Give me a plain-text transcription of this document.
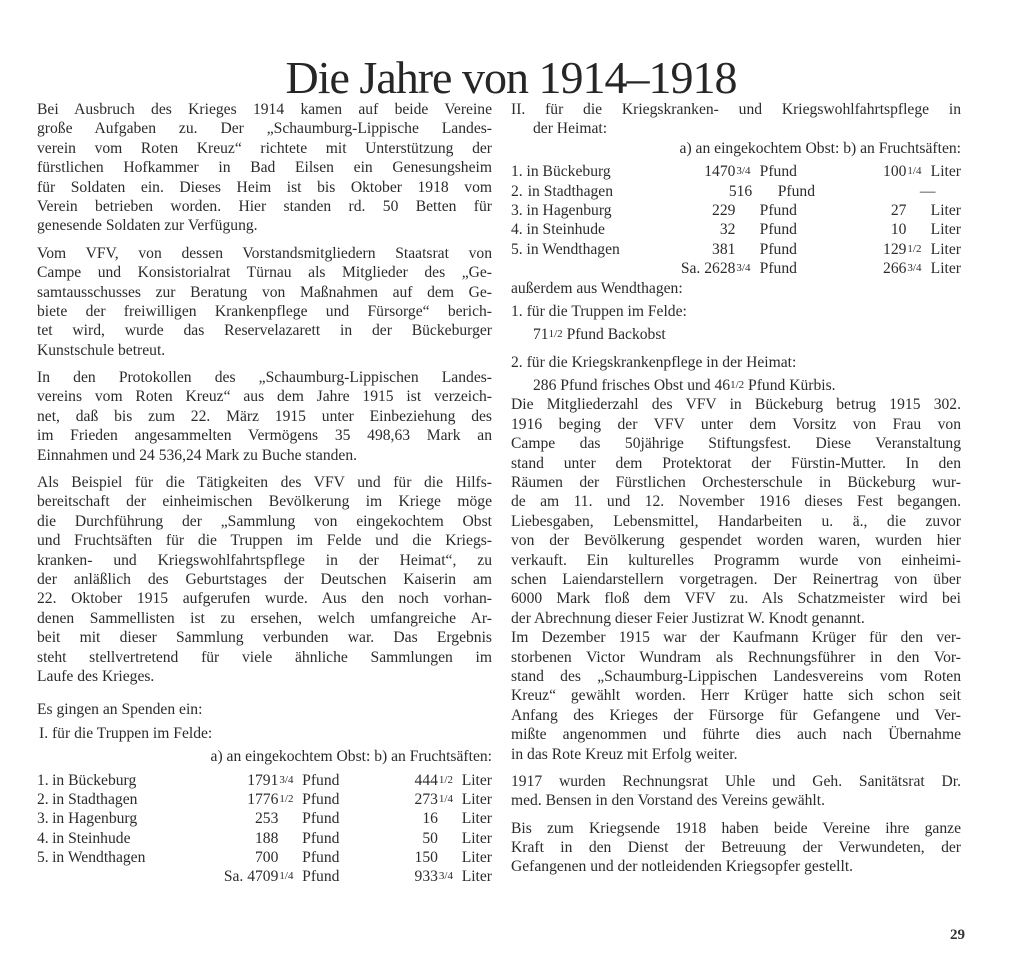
Die Jahre von 1914–1918
Bei Ausbruch des Krieges 1914 kamen auf beide Vereine
große Aufgaben zu. Der „Schaumburg-Lippische Landes-
verein vom Roten Kreuz“ richtete mit Unterstützung der
fürstlichen Hofkammer in Bad Eilsen ein Genesungsheim
für Soldaten ein. Dieses Heim ist bis Oktober 1918 vom
Verein betrieben worden. Hier standen rd. 50 Betten für
genesende Soldaten zur Verfügung.
Vom VFV, von dessen Vorstandsmitgliedern Staatsrat von
Campe und Konsistorialrat Türnau als Mitglieder des „Ge-
samtausschusses zur Beratung von Maßnahmen auf dem Ge-
biete der freiwilligen Krankenpflege und Fürsorge“ berich-
tet wird, wurde das Reservelazarett in der Bückeburger
Kunstschule betreut.
In den Protokollen des „Schaumburg-Lippischen Landes-
vereins vom Roten Kreuz“ aus dem Jahre 1915 ist verzeich-
net, daß bis zum 22. März 1915 unter Einbeziehung des
im Frieden angesammelten Vermögens 35 498,63 Mark an
Einnahmen und 24 536,24 Mark zu Buche standen.
Als Beispiel für die Tätigkeiten des VFV und für die Hilfs-
bereitschaft der einheimischen Bevölkerung im Kriege möge
die Durchführung der „Sammlung von eingekochtem Obst
und Fruchtsäften für die Truppen im Felde und die Kriegs-
kranken- und Kriegswohlfahrtspflege in der Heimat“, zu
der anläßlich des Geburtstages der Deutschen Kaiserin am
22. Oktober 1915 aufgerufen wurde. Aus den noch vorhan-
denen Sammellisten ist zu ersehen, welch umfangreiche Ar-
beit mit dieser Sammlung verbunden war. Das Ergebnis
steht stellvertretend für viele ähnliche Sammlungen im
Laufe des Krieges.
Es gingen an Spenden ein:
I. für die Truppen im Felde:
a) an eingekochtem Obst: b) an Fruchtsäften:
1. in Bückeburg	1791 3/4 Pfund	444 1/2 Liter
2. in Stadthagen	1776 1/2 Pfund	273 1/4 Liter
3. in Hagenburg	253	Pfund	16	Liter
4. in Steinhude	188	Pfund	50	Liter
5. in Wendthagen	700	Pfund	150	Liter
Sa. 4709 1/4 Pfund	933 3/4 Liter
II. für die Kriegskranken- und Kriegswohlfahrtspflege in
der Heimat:
a) an eingekochtem Obst: b) an Fruchtsäften:
1. in Bückeburg	1470 3/4 Pfund	100 1/4 Liter
2. in Stadthagen	516	Pfund	—
3. in Hagenburg	229	Pfund	27	Liter
4. in Steinhude	32	Pfund	10	Liter
5. in Wendthagen	381	Pfund	129 1/2 Liter
Sa. 2628 3/4 Pfund	266 3/4 Liter
außerdem aus Wendthagen:
1. für die Truppen im Felde:
711/2 Pfund Backobst
2. für die Kriegskrankenpflege in der Heimat:
286 Pfund frisches Obst und 461/2 Pfund Kürbis.
Die Mitgliederzahl des VFV in Bückeburg betrug 1915 302.
1916 beging der VFV unter dem Vorsitz von Frau von
Campe das 50jährige Stiftungsfest. Diese Veranstaltung
stand unter dem Protektorat der Fürstin-Mutter. In den
Räumen der Fürstlichen Orchesterschule in Bückeburg wur-
de am 11. und 12. November 1916 dieses Fest begangen.
Liebesgaben, Lebensmittel, Handarbeiten u. ä., die zuvor
von der Bevölkerung gespendet worden waren, wurden hier
verkauft. Ein kulturelles Programm wurde von einheimi-
schen Laiendarstellern vorgetragen. Der Reinertrag von über
6000 Mark floß dem VFV zu. Als Schatzmeister wird bei
der Abrechnung dieser Feier Justizrat W. Knodt genannt.
Im Dezember 1915 war der Kaufmann Krüger für den ver-
storbenen Victor Wundram als Rechnungsführer in den Vor-
stand des „Schaumburg-Lippischen Landesvereins vom Roten
Kreuz“ gewählt worden. Herr Krüger hatte sich schon seit
Anfang des Krieges der Fürsorge für Gefangene und Ver-
mißte angenommen und führte dies auch nach Übernahme
in das Rote Kreuz mit Erfolg weiter.
1917 wurden Rechnungsrat Uhle und Geh. Sanitätsrat Dr.
med. Bensen in den Vorstand des Vereins gewählt.
Bis zum Kriegsende 1918 haben beide Vereine ihre ganze
Kraft in den Dienst der Betreuung der Verwundeten, der
Gefangenen und der notleidenden Kriegsopfer gestellt.
29
